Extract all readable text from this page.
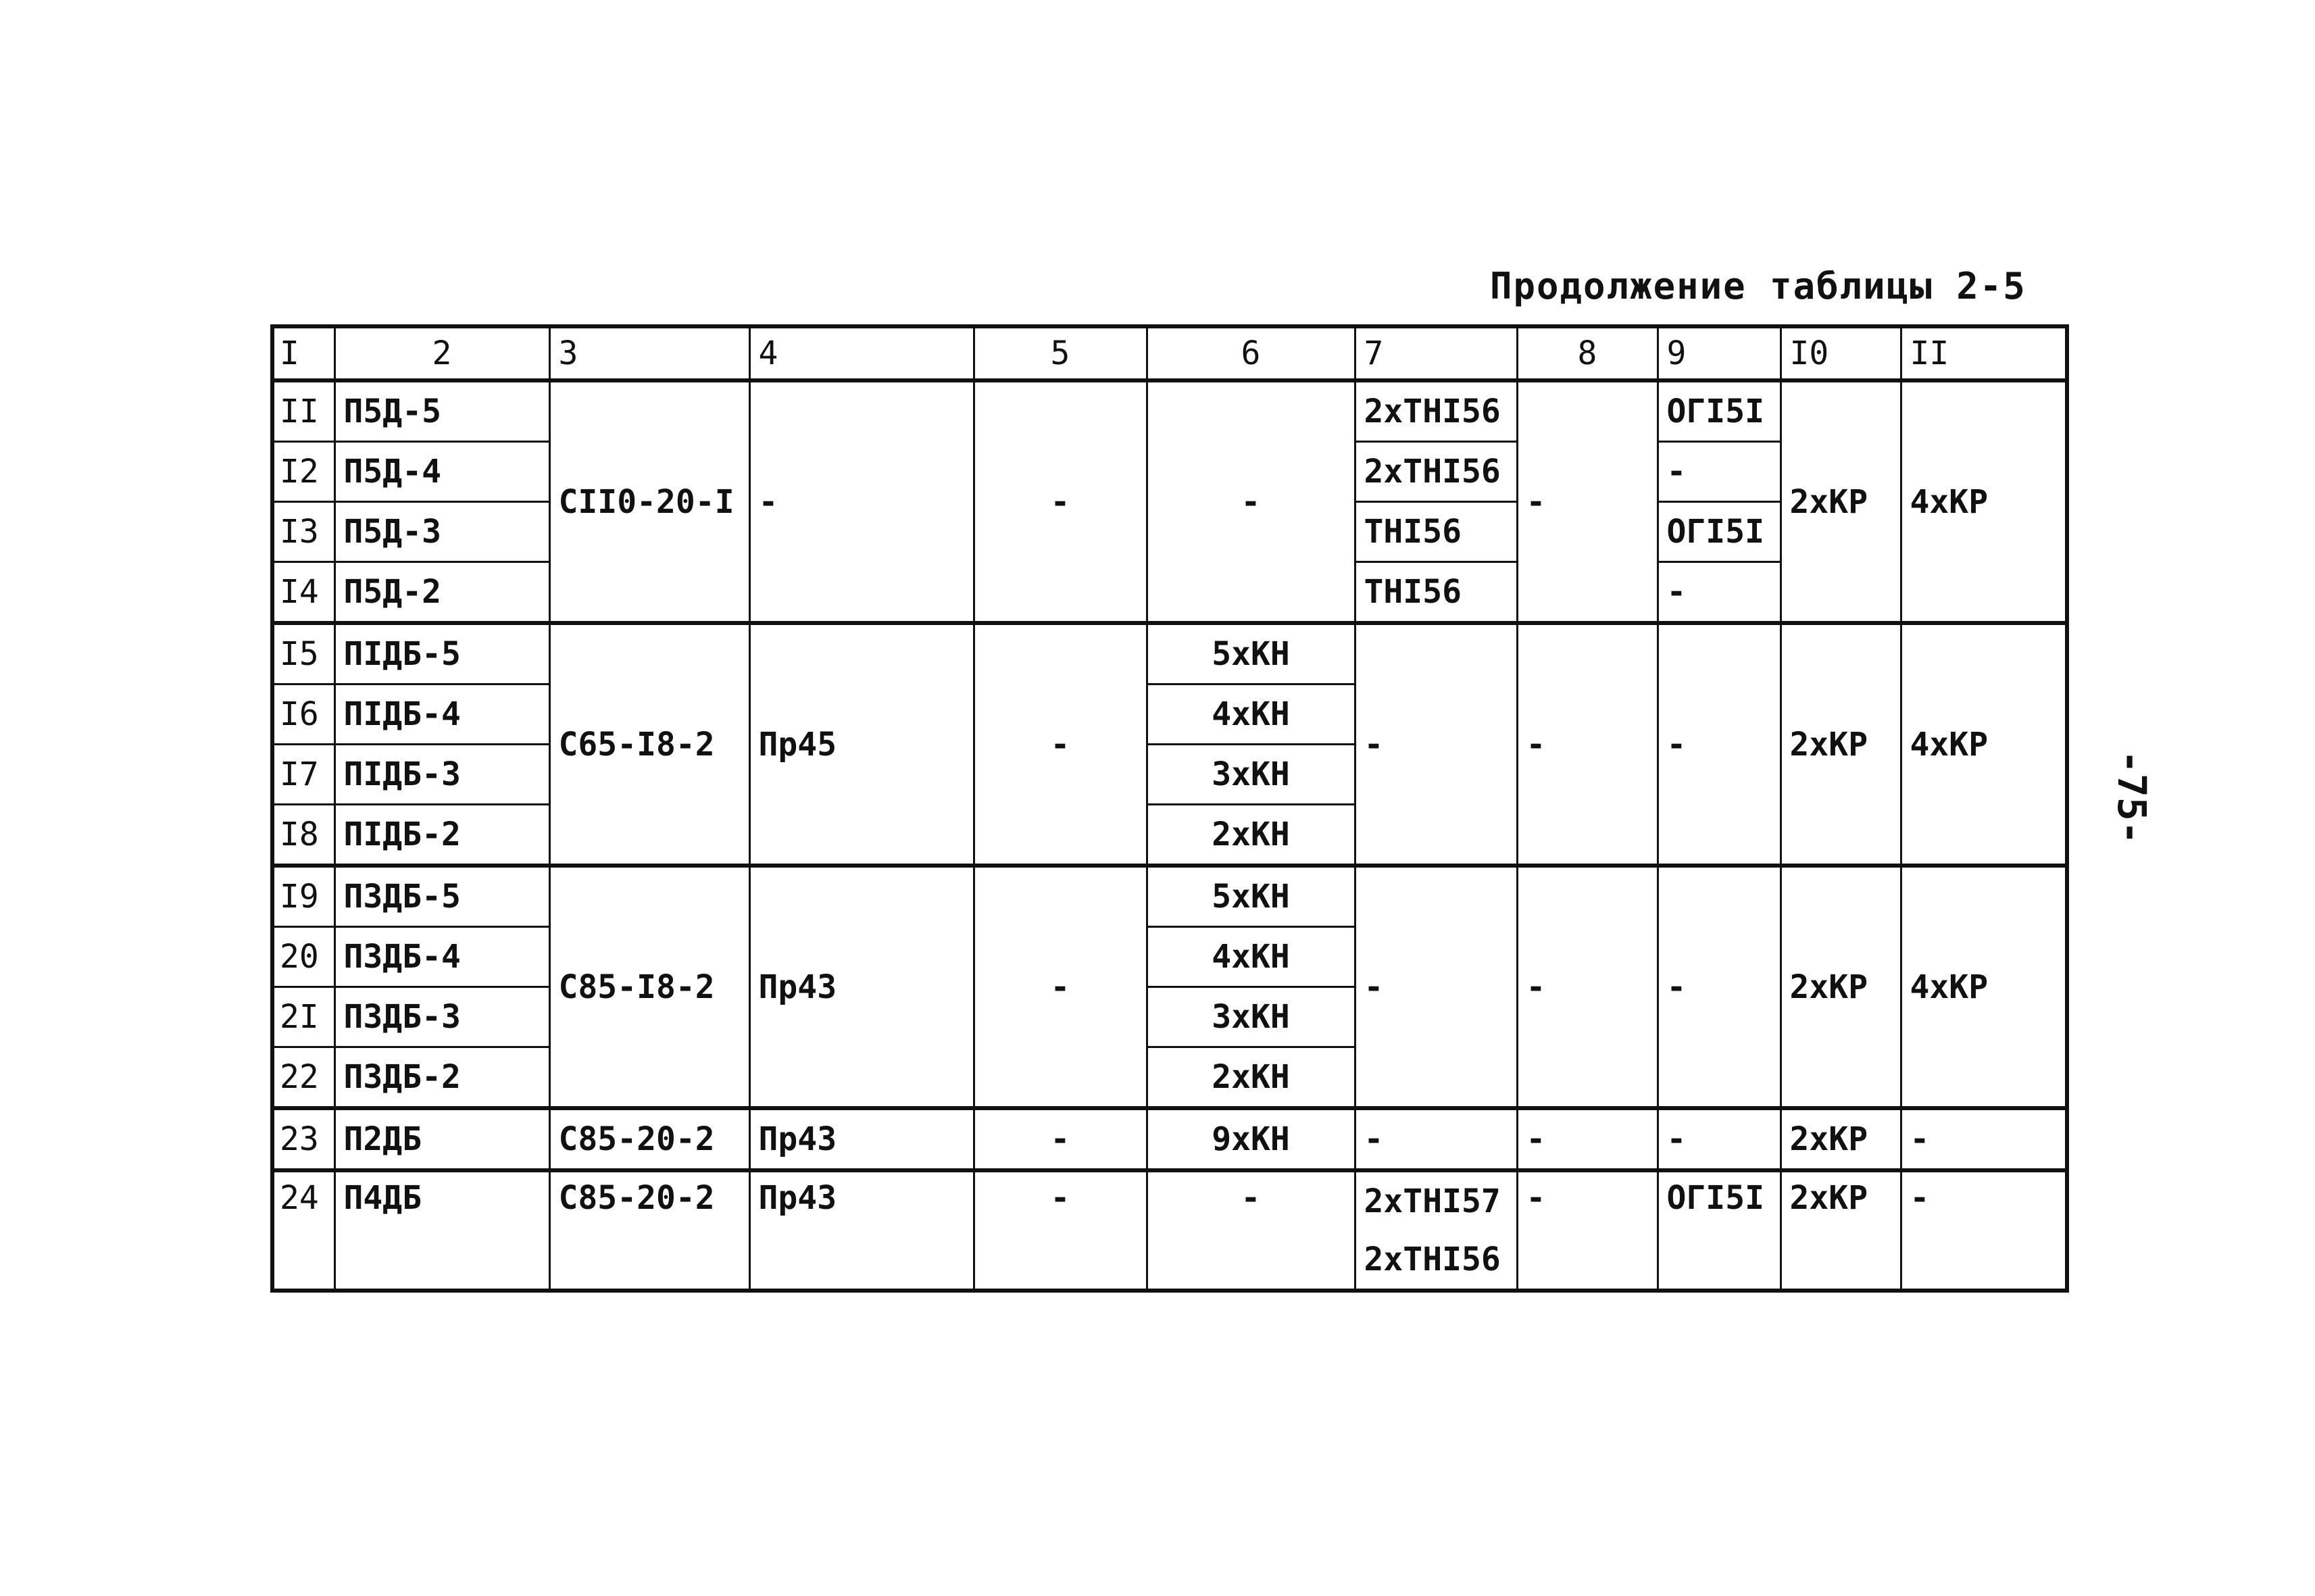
Продолжение таблицы 2-5
-75-
I	2	3	4	5	6	7	8	9	I0	II
II	П5Д-5	СII0-20-I	-	-	-	2хТНI56	-	ОГI5I	2хКР	4хКР
I2	П5Д-4					2хТНI56		-		
I3	П5Д-3					ТНI56		ОГI5I		
I4	П5Д-2					ТНI56		-		
I5	ПIДБ-5	С65-I8-2	Пр45	-	5хКН	-	-	-	2хКР	4хКР
I6	ПIДБ-4				4хКН					
I7	ПIДБ-3				3хКН					
I8	ПIДБ-2				2хКН					
I9	П3ДБ-5	С85-I8-2	Пр43	-	5хКН	-	-	-	2хКР	4хКР
20	П3ДБ-4				4хКН					
2I	П3ДБ-3				3хКН					
22	П3ДБ-2				2хКН					
23	П2ДБ	С85-20-2	Пр43	-	9хКН	-	-	-	2хКР	-
24	П4ДБ	С85-20-2	Пр43	-	-	2хТНI57	-	ОГI5I	2хКР	-
						2хТНI56				
